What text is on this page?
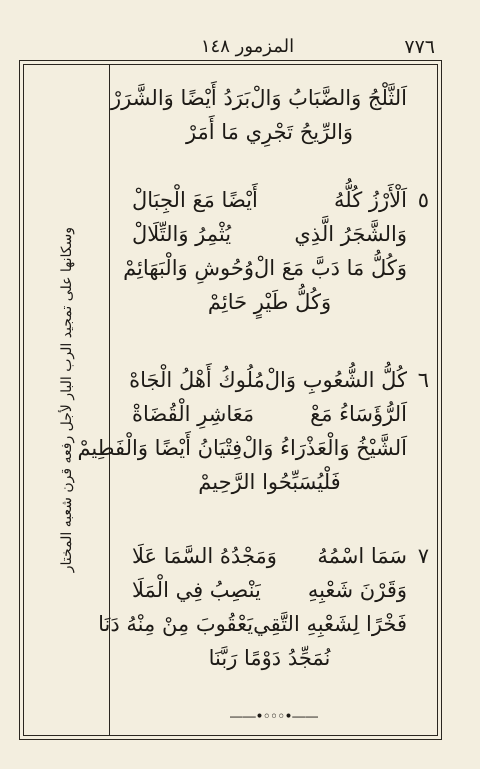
٧٧٦
المزمور ١٤٨
وسكانها على تمجيد الرب البار لأجل رفعه قرن شعبه المختار
اَلثَّلْجُ وَالضَّبَابُ وَالْ
بَرَدُ أَيْضًا وَالشَّرَرْ
وَالرِّيحُ تَجْرِي مَا أَمَرْ
٥
اَلْأَرْزُ كُلُّهُ
أَيْضًا مَعَ الْجِبَالْ
وَالشَّجَرُ الَّذِي
يُثْمِرُ وَالتِّلَالْ
وَكُلُّ مَا دَبَّ مَعَ الْ
وُحُوشِ وَالْبَهَائِمْ
وَكُلُّ طَيْرٍ حَائِمْ
٦
كُلُّ الشُّعُوبِ وَالْ
مُلُوكُ أَهْلُ الْجَاهْ
اَلرُّؤَسَاءُ مَعْ
مَعَاشِرِ الْقُضَاةْ
اَلشَّيْخُ وَالْعَذْرَاءُ وَالْ
فِتْيَانُ أَيْضًا وَالْفَطِيمْ
فَلْيُسَبِّحُوا الرَّحِيمْ
٧
سَمَا اسْمُهُ
وَمَجْدُهُ السَّمَا عَلَا
وَقَرْنَ شَعْبِهِ
يَنْصِبُ فِي الْمَلَا
فَخْرًا لِشَعْبِهِ التَّقِي
يَعْقُوبَ مِنْ مِنْهُ دَنَا
نُمَجِّدُ دَوْمًا رَبَّنَا
——•◦◦◦•——
